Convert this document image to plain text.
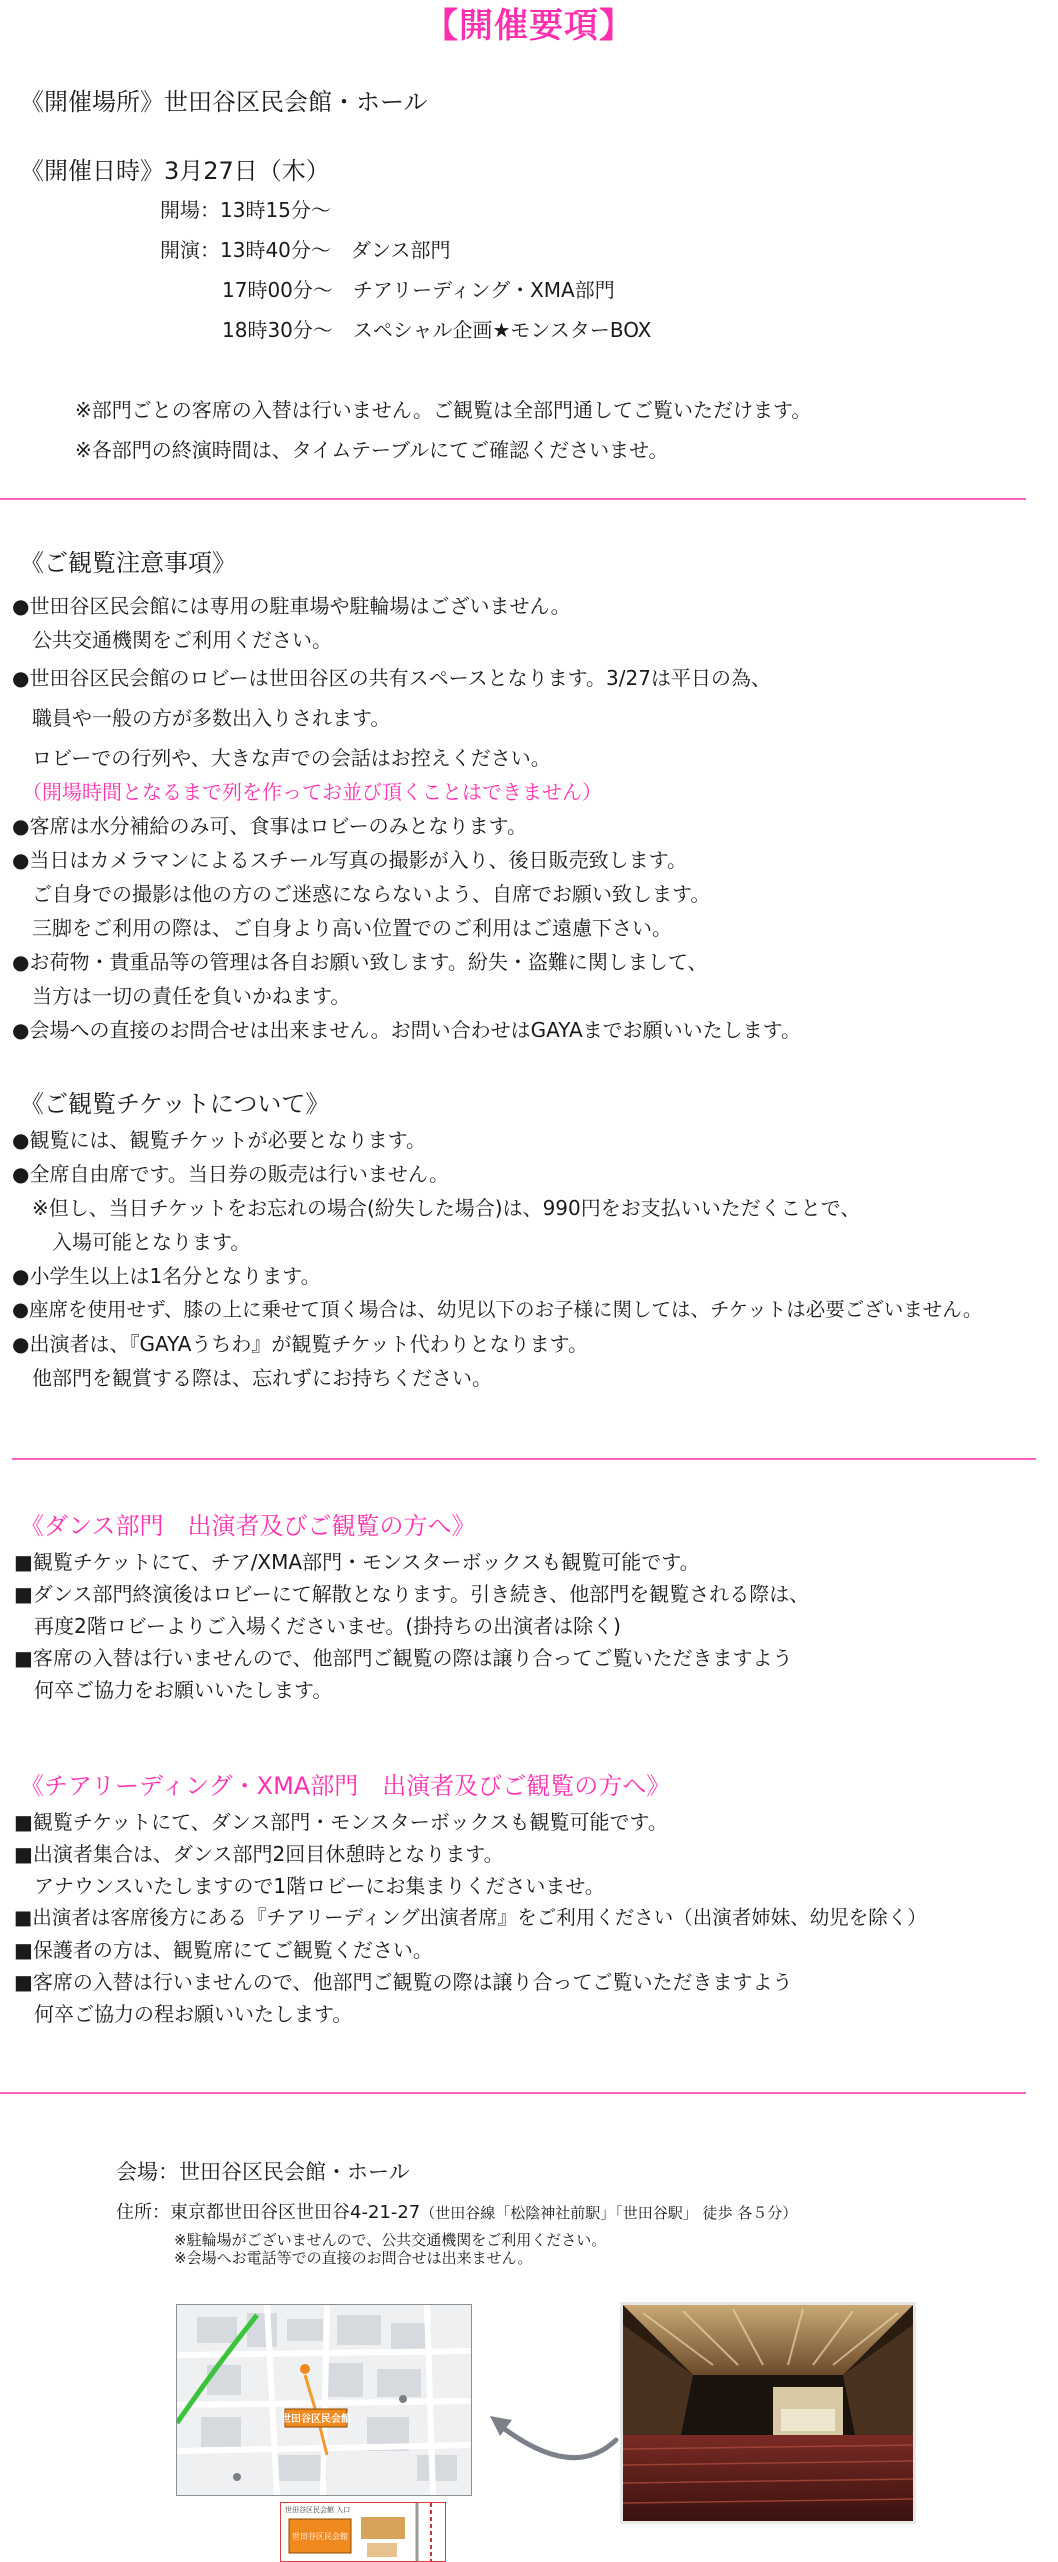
【開催要項】
《開催場所》世田谷区民会館・ホール
《開催日時》3月27日（木）
開場：13時15分〜
開演：13時40分〜　ダンス部門
17時00分〜　チアリーディング・XMA部門
18時30分〜　スペシャル企画★モンスターBOX
※部門ごとの客席の入替は行いません。ご観覧は全部門通してご覧いただけます。
※各部門の終演時間は、タイムテーブルにてご確認くださいませ。
《ご観覧注意事項》
●世田谷区民会館には専用の駐車場や駐輪場はございません。
　公共交通機関をご利用ください。
●世田谷区民会館のロビーは世田谷区の共有スペースとなります。3/27は平日の為、
　職員や一般の方が多数出入りされます。
　ロビーでの行列や、大きな声での会話はお控えください。
　（開場時間となるまで列を作ってお並び頂くことはできません）
●客席は水分補給のみ可、食事はロビーのみとなります。
●当日はカメラマンによるスチール写真の撮影が入り、後日販売致します。
　ご自身での撮影は他の方のご迷惑にならないよう、自席でお願い致します。
　三脚をご利用の際は、ご自身より高い位置でのご利用はご遠慮下さい。
●お荷物・貴重品等の管理は各自お願い致します。紛失・盗難に関しまして、
　当方は一切の責任を負いかねます。
●会場への直接のお問合せは出来ません。お問い合わせはGAYAまでお願いいたします。
《ご観覧チケットについて》
●観覧には、観覧チケットが必要となります。
●全席自由席です。当日券の販売は行いません。
　※但し、当日チケットをお忘れの場合(紛失した場合)は、990円をお支払いいただくことで、
　　入場可能となります。
●小学生以上は1名分となります。
●座席を使用せず、膝の上に乗せて頂く場合は、幼児以下のお子様に関しては、チケットは必要ございません。
●出演者は、『GAYAうちわ』が観覧チケット代わりとなります。
　他部門を観賞する際は、忘れずにお持ちください。
《ダンス部門　出演者及びご観覧の方へ》
■観覧チケットにて、チア/XMA部門・モンスターボックスも観覧可能です。
■ダンス部門終演後はロビーにて解散となります。引き続き、他部門を観覧される際は、
　再度2階ロビーよりご入場くださいませ。(掛持ちの出演者は除く)
■客席の入替は行いませんので、他部門ご観覧の際は譲り合ってご覧いただきますよう
　何卒ご協力をお願いいたします。
《チアリーディング・XMA部門　出演者及びご観覧の方へ》
■観覧チケットにて、ダンス部門・モンスターボックスも観覧可能です。
■出演者集合は、ダンス部門2回目休憩時となります。
　アナウンスいたしますので1階ロビーにお集まりくださいませ。
■出演者は客席後方にある『チアリーディング出演者席』をご利用ください（出演者姉妹、幼児を除く）
■保護者の方は、観覧席にてご観覧ください。
■客席の入替は行いませんので、他部門ご観覧の際は譲り合ってご覧いただきますよう
　何卒ご協力の程お願いいたします。
会場：世田谷区民会館・ホール
住所：東京都世田谷区世田谷4-21-27（世田谷線「松陰神社前駅」「世田谷駅」 徒歩 各５分）
※駐輪場がございませんので、公共交通機関をご利用ください。
※会場へお電話等での直接のお問合せは出来ません。
世田谷区民会館
世田谷区民会館 入口
世田谷区民会館
